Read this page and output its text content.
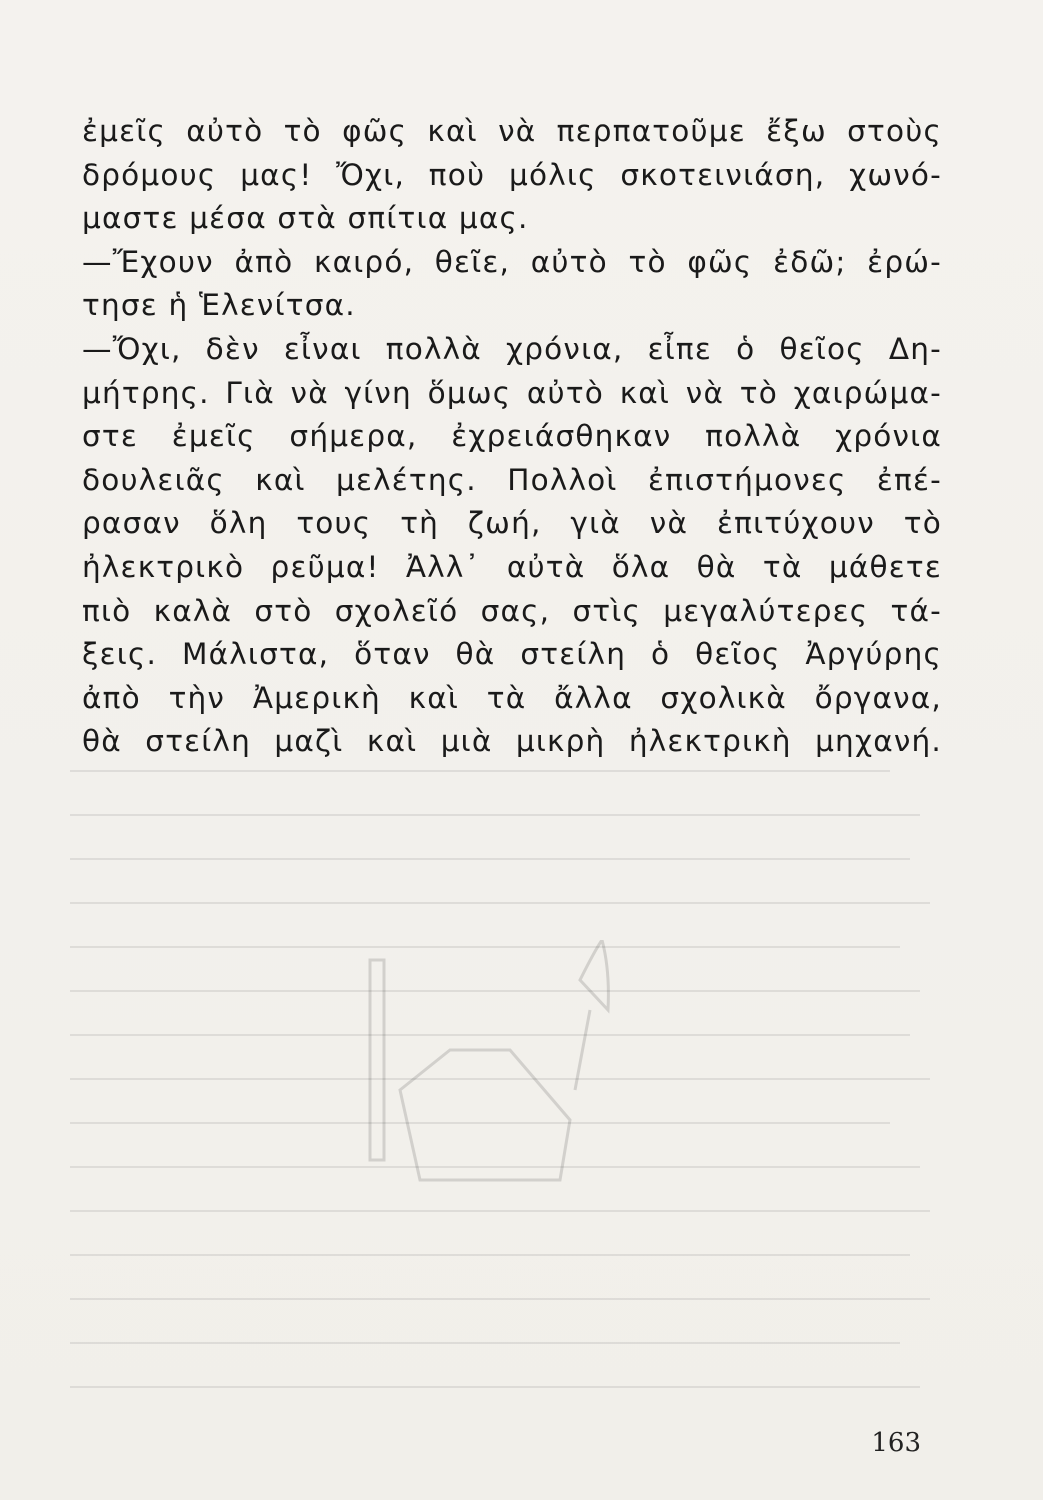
ἐμεῖς αὐτὸ τὸ φῶς καὶ νὰ περπατοῦμε ἔξω στοὺς
δρόμους μας! Ὄχι, ποὺ μόλις σκοτεινιάση, χωνό-
μαστε μέσα στὰ σπίτια μας.
—Ἔχουν ἀπὸ καιρό, θεῖε, αὐτὸ τὸ φῶς ἐδῶ; ἐρώ-
τησε ἡ Ἑλενίτσα.
—Ὄχι, δὲν εἶναι πολλὰ χρόνια, εἶπε ὁ θεῖος Δη-
μήτρης. Γιὰ νὰ γίνη ὅμως αὐτὸ καὶ νὰ τὸ χαιρώμα-
στε ἐμεῖς σήμερα, ἐχρειάσθηκαν πολλὰ χρόνια
δουλειᾶς καὶ μελέτης. Πολλοὶ ἐπιστήμονες ἐπέ-
ρασαν ὅλη τους τὴ ζωή, γιὰ νὰ ἐπιτύχουν τὸ
ἠλεκτρικὸ ρεῦμα! Ἀλλ᾿ αὐτὰ ὅλα θὰ τὰ μάθετε
πιὸ καλὰ στὸ σχολεῖό σας, στὶς μεγαλύτερες τά-
ξεις. Μάλιστα, ὅταν θὰ στείλη ὁ θεῖος Ἀργύρης
ἀπὸ τὴν Ἀμερικὴ καὶ τὰ ἄλλα σχολικὰ ὄργανα,
θὰ στείλη μαζὶ καὶ μιὰ μικρὴ ἠλεκτρικὴ μηχανή.
163
